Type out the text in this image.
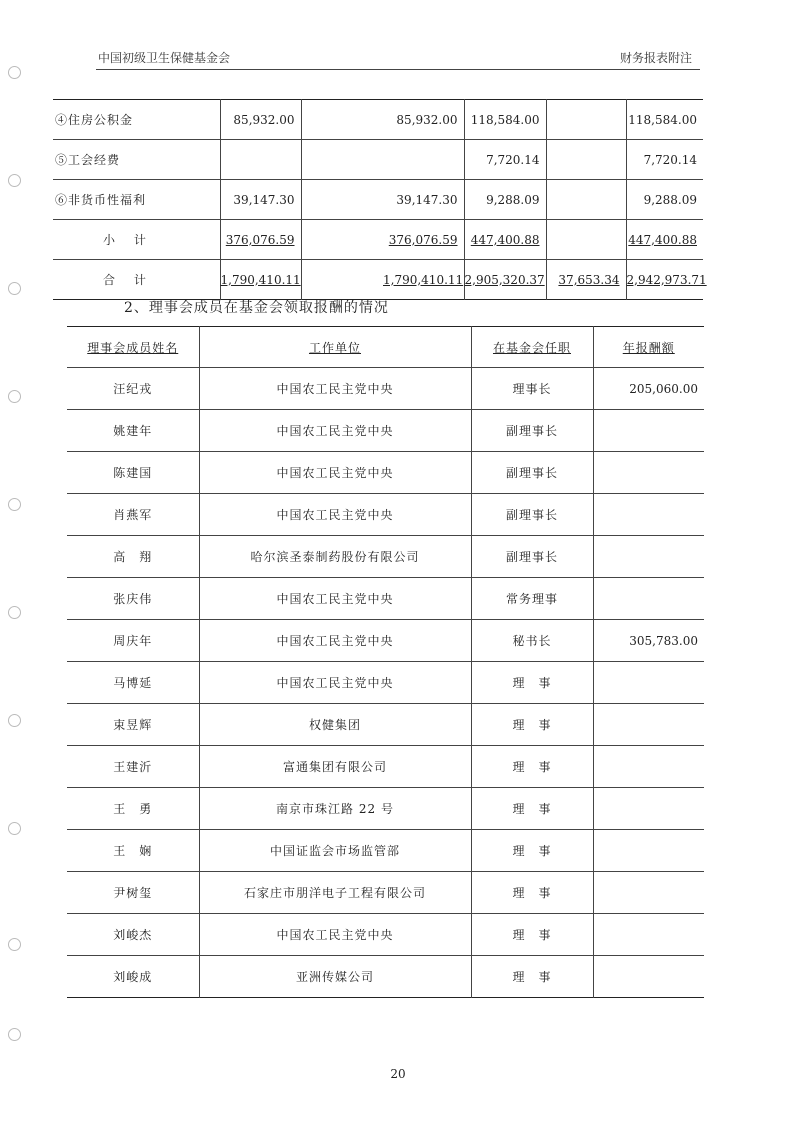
中国初级卫生保健基金会	财务报表附注
④住房公积金	85,932.00		85,932.00	118,584.00		118,584.00
⑤工会经费				7,720.14		7,720.14
⑥非货币性福利	39,147.30		39,147.30	9,288.09		9,288.09
小　 计	376,076.59		376,076.59	447,400.88		447,400.88
合　 计	1,790,410.11		1,790,410.11	2,905,320.37	37,653.34	2,942,973.71
2、理事会成员在基金会领取报酬的情况
理事会成员姓名	工作单位	在基金会任职	年报酬额
汪纪戎	中国农工民主党中央	理事长	205,060.00
姚建年	中国农工民主党中央	副理事长	
陈建国	中国农工民主党中央	副理事长	
肖燕军	中国农工民主党中央	副理事长	
高　翔	哈尔滨圣泰制药股份有限公司	副理事长	
张庆伟	中国农工民主党中央	常务理事	
周庆年	中国农工民主党中央	秘书长	305,783.00
马博延	中国农工民主党中央	理　事	
束昱辉	权健集团	理　事	
王建沂	富通集团有限公司	理　事	
王　勇	南京市珠江路 22 号	理　事	
王　娴	中国证监会市场监管部	理　事	
尹树玺	石家庄市朋洋电子工程有限公司	理　事	
刘峻杰	中国农工民主党中央	理　事	
刘峻成	亚洲传媒公司	理　事	
20
